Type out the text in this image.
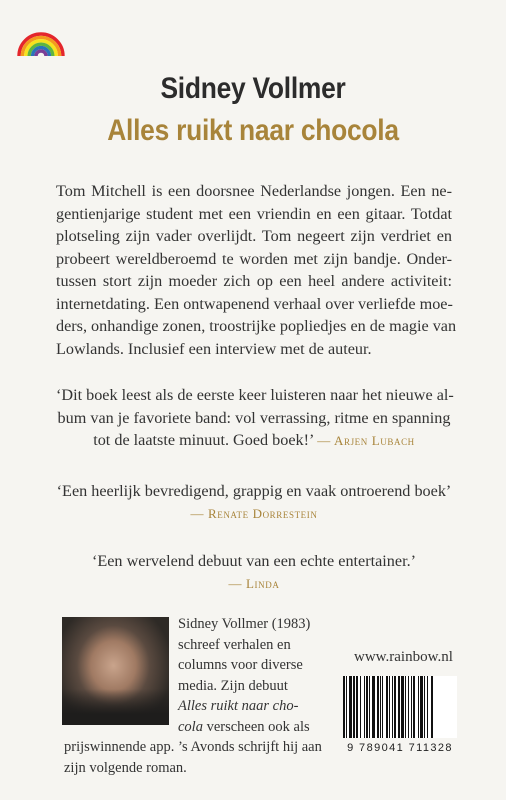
Sidney Vollmer
Alles ruikt naar chocola
Tom Mitchell is een doorsnee Nederlandse jongen. Een ne-
gentienjarige student met een vriendin en een gitaar. Totdat
plotseling zijn vader overlijdt. Tom negeert zijn verdriet en
probeert wereldberoemd te worden met zijn bandje. Onder-
tussen stort zijn moeder zich op een heel andere activiteit:
internetdating. Een ontwapenend verhaal over verliefde moe-
ders, onhandige zonen, troostrijke popliedjes en de magie van
Lowlands. Inclusief een interview met de auteur.
‘Dit boek leest als de eerste keer luisteren naar het nieuwe al-
bum van je favoriete band: vol verrassing, ritme en spanning
tot de laatste minuut. Goed boek!’ — Arjen Lubach
‘Een heerlijk bevredigend, grappig en vaak ontroerend boek’
— Renate Dorrestein
‘Een wervelend debuut van een echte entertainer.’
— Linda
Sidney Vollmer (1983)
schreef verhalen en
columns voor diverse
media. Zijn debuut
Alles ruikt naar cho-
cola verscheen ook als
prijswinnende app. ’s Avonds schrijft hij aan
zijn volgende roman.
www.rainbow.nl
9 789041 711328
